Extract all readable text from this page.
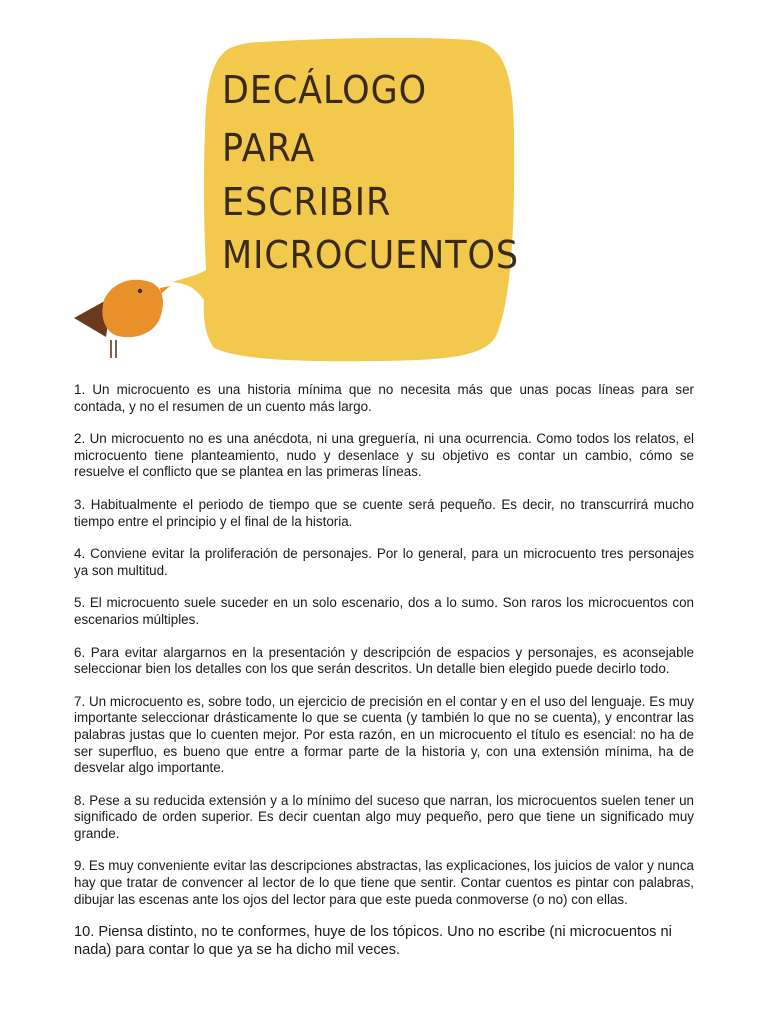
DECÁLOGO
PARA
ESCRIBIR
MICROCUENTOS
1. Un microcuento es una historia mínima que no necesita más que unas pocas líneas para ser contada, y no el resumen de un cuento más largo.
2. Un microcuento no es una anécdota, ni una greguería, ni una ocurrencia. Como todos los relatos, el microcuento tiene planteamiento, nudo y desenlace y su objetivo es contar un cambio, cómo se resuelve el conflicto que se plantea en las primeras líneas.
3. Habitualmente el periodo de tiempo que se cuente será pequeño. Es decir, no transcurrirá mucho tiempo entre el principio y el final de la historia.
4. Conviene evitar la proliferación de personajes. Por lo general, para un microcuento tres personajes ya son multitud.
5. El microcuento suele suceder en un solo escenario, dos a lo sumo. Son raros los microcuentos con escenarios múltiples.
6. Para evitar alargarnos en la presentación y descripción de espacios y personajes, es aconsejable seleccionar bien los detalles con los que serán descritos. Un detalle bien elegido puede decirlo todo.
7. Un microcuento es, sobre todo, un ejercicio de precisión en el contar y en el uso del lenguaje. Es muy importante seleccionar drásticamente lo que se cuenta (y también lo que no se cuenta), y encontrar las palabras justas que lo cuenten mejor. Por esta razón, en un microcuento el título es esencial: no ha de ser superfluo, es bueno que entre a formar parte de la historia y, con una extensión mínima, ha de desvelar algo importante.
8. Pese a su reducida extensión y a lo mínimo del suceso que narran, los microcuentos suelen tener un significado de orden superior. Es decir cuentan algo muy pequeño, pero que tiene un significado muy grande.
9. Es muy conveniente evitar las descripciones abstractas, las explicaciones, los juicios de valor y nunca hay que tratar de convencer al lector de lo que tiene que sentir. Contar cuentos es pintar con palabras, dibujar las escenas ante los ojos del lector para que este pueda conmoverse (o no) con ellas.
10. Piensa distinto, no te conformes, huye de los tópicos. Uno no escribe (ni microcuentos ni nada) para contar lo que ya se ha dicho mil veces.
